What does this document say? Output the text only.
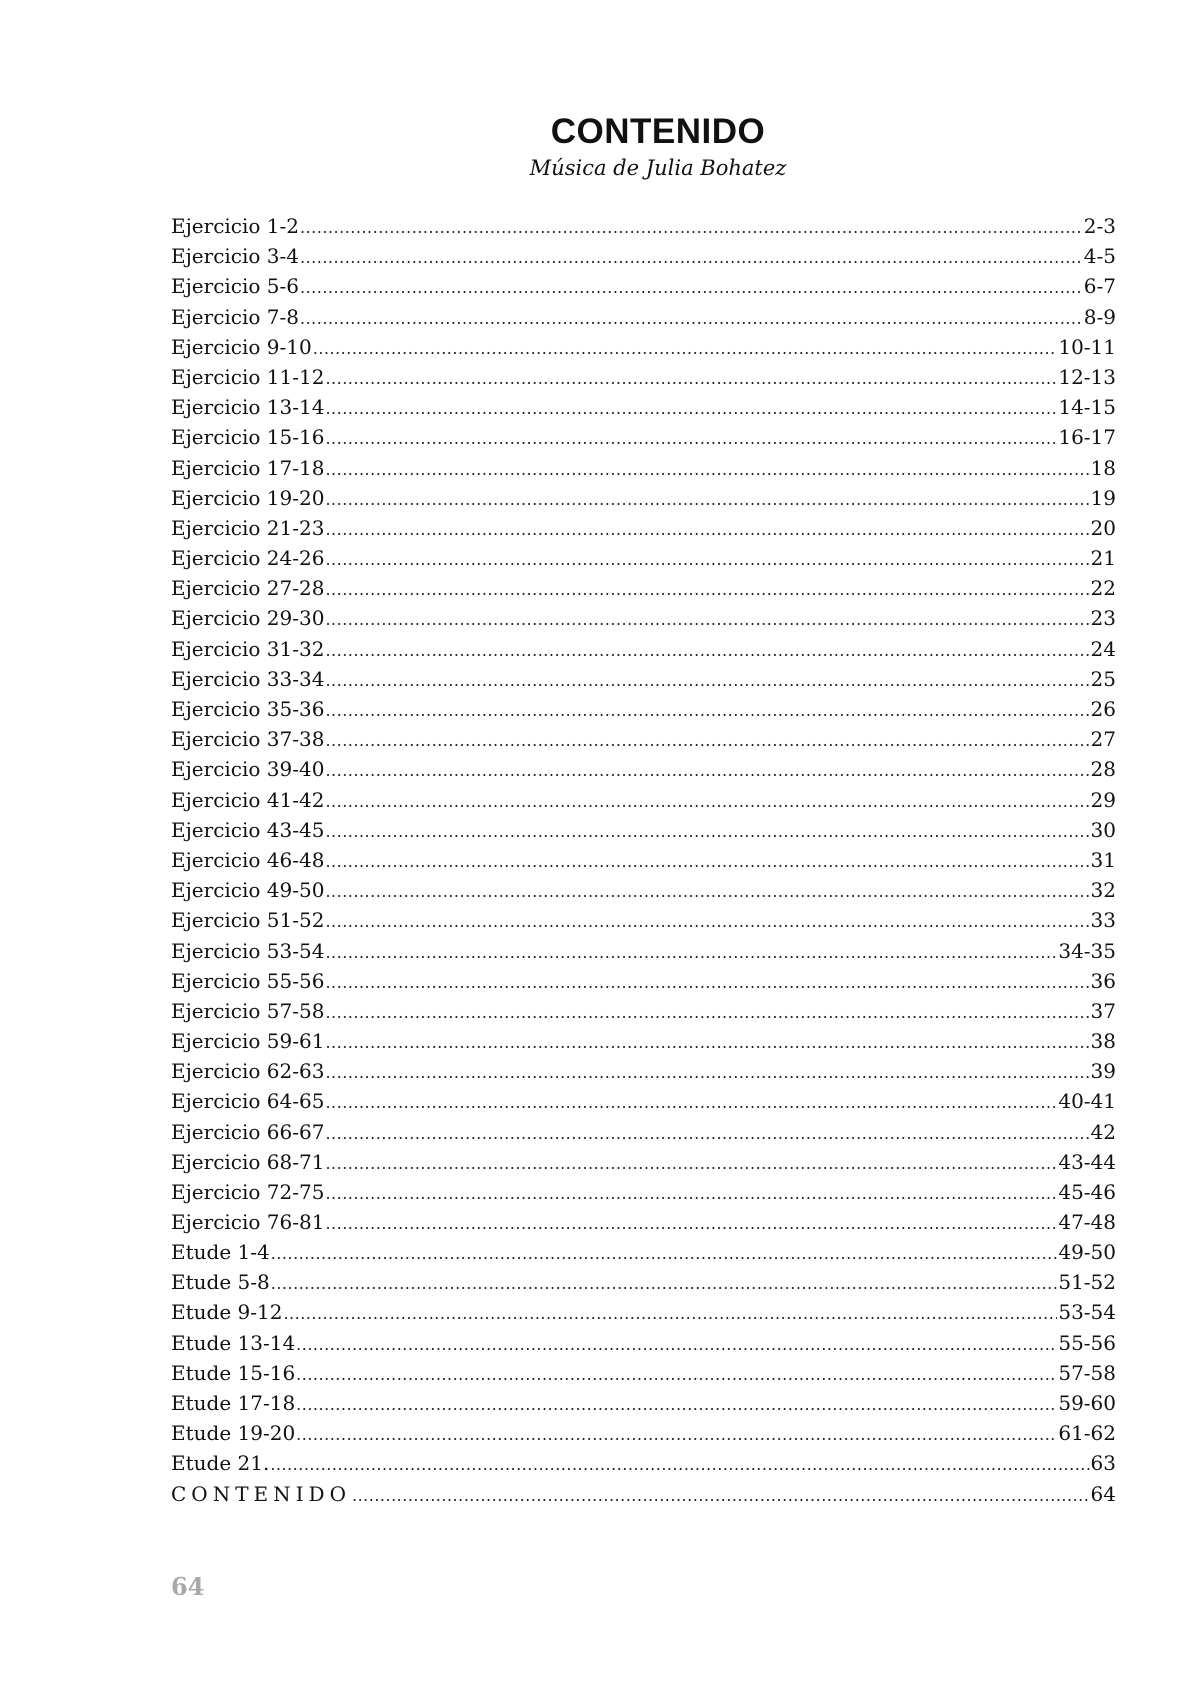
CONTENIDO
Música de Julia Bohatez
Ejercicio 1-2 .....	2-3
Ejercicio 3-4 .....	4-5
Ejercicio 5-6 .....	6-7
Ejercicio 7-8 .....	8-9
Ejercicio 9-10 .....	10-11
Ejercicio 11-12 .....	12-13
Ejercicio 13-14 .....	14-15
Ejercicio 15-16 .....	16-17
Ejercicio 17-18 .....	18
Ejercicio 19-20 .....	19
Ejercicio 21-23 .....	20
Ejercicio 24-26 .....	21
Ejercicio 27-28 .....	22
Ejercicio 29-30 .....	23
Ejercicio 31-32 .....	24
Ejercicio 33-34 .....	25
Ejercicio 35-36 .....	26
Ejercicio 37-38 .....	27
Ejercicio 39-40 .....	28
Ejercicio 41-42 .....	29
Ejercicio 43-45 .....	30
Ejercicio 46-48 .....	31
Ejercicio 49-50 .....	32
Ejercicio 51-52 .....	33
Ejercicio 53-54 .....	34-35
Ejercicio 55-56 .....	36
Ejercicio 57-58 .....	37
Ejercicio 59-61 .....	38
Ejercicio 62-63 .....	39
Ejercicio 64-65 .....	40-41
Ejercicio 66-67 .....	42
Ejercicio 68-71 .....	43-44
Ejercicio 72-75 .....	45-46
Ejercicio 76-81 .....	47-48
Etude 1-4 .....	49-50
Etude 5-8 .....	51-52
Etude 9-12 .....	53-54
Etude 13-14 .....	55-56
Etude 15-16 .....	57-58
Etude 17-18 .....	59-60
Etude 19-20 .....	61-62
Etude 21. .....	63
CONTENIDO .....	64
64
